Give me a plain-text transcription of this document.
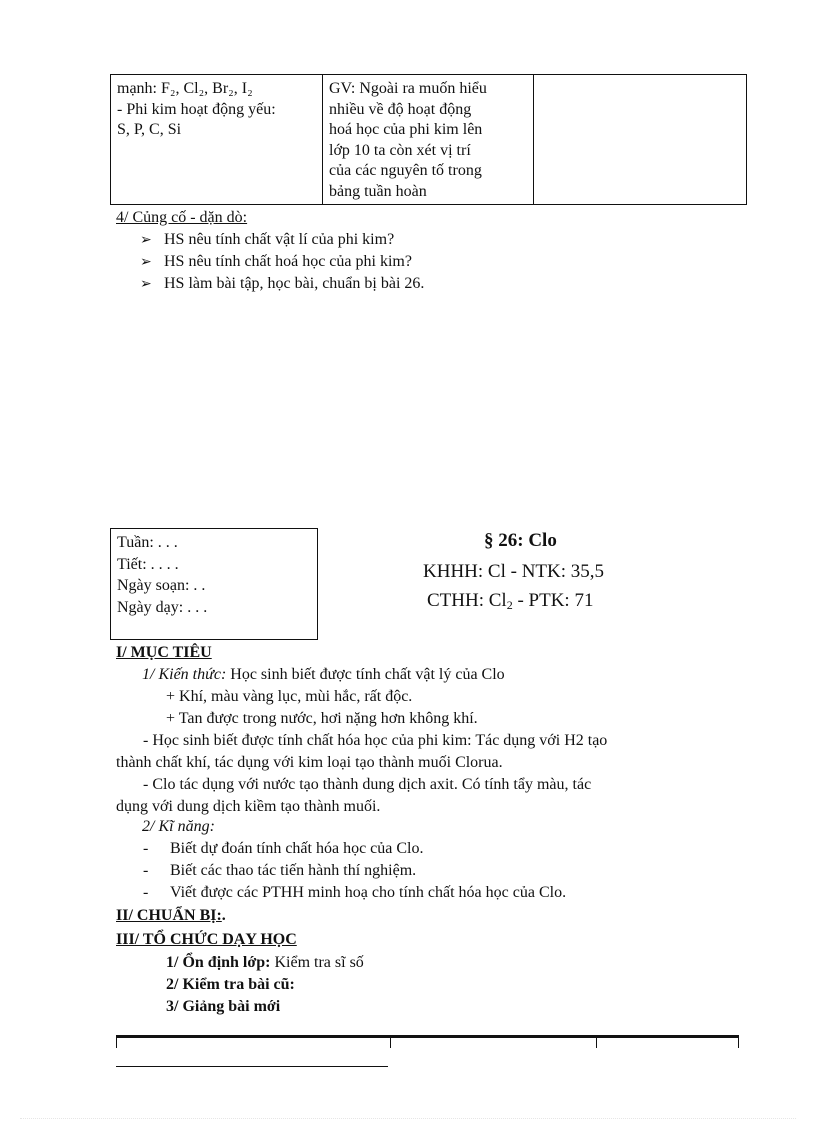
mạnh: F₂, Cl₂, Br₂, I₂
- Phi kim hoạt động yếu:
S, P, C, Si
GV: Ngoài ra muốn hiểu
nhiều về độ hoạt động
hoá học của phi kim lên
lớp 10 ta còn xét vị trí
của các nguyên tố trong
bảng tuần hoàn
4/ Củng cố - dặn dò:
➢ HS nêu tính chất vật lí của phi kim?
➢ HS nêu tính chất hoá học của phi kim?
➢ HS làm bài tập, học bài, chuẩn bị bài 26.
Tuần: . . .
Tiết: . . . .
Ngày soạn: . .
Ngày dạy: . . .
§ 26: Clo
KHHH: Cl - NTK: 35,5
CTHH: $Cl_2$ - PTK: 71
I/ MỤC TIÊU
1/ Kiến thức: Học sinh biết được tính chất vật lý của Clo
+ Khí, màu vàng lục, mùi hắc, rất độc.
+ Tan được trong nước, hơi nặng hơn không khí.
- Học sinh biết được tính chất hóa học của phi kim: Tác dụng với H2 tạo
thành chất khí, tác dụng với kim loại tạo thành muối Clorua.
- Clo tác dụng với nước tạo thành dung dịch axit. Có tính tẩy màu, tác
dụng với dung dịch kiềm tạo thành muối.
2/ Kĩ năng:
- Biết dự đoán tính chất hóa học của Clo.
- Biết các thao tác tiến hành thí nghiệm.
- Viết được các PTHH minh hoạ cho tính chất hóa học của Clo.
II/ CHUẨN BỊ:.
III/ TỔ CHỨC DẠY HỌC
1/ Ổn định lớp: Kiểm tra sĩ số
2/ Kiểm tra bài cũ:
3/ Giảng bài mới
